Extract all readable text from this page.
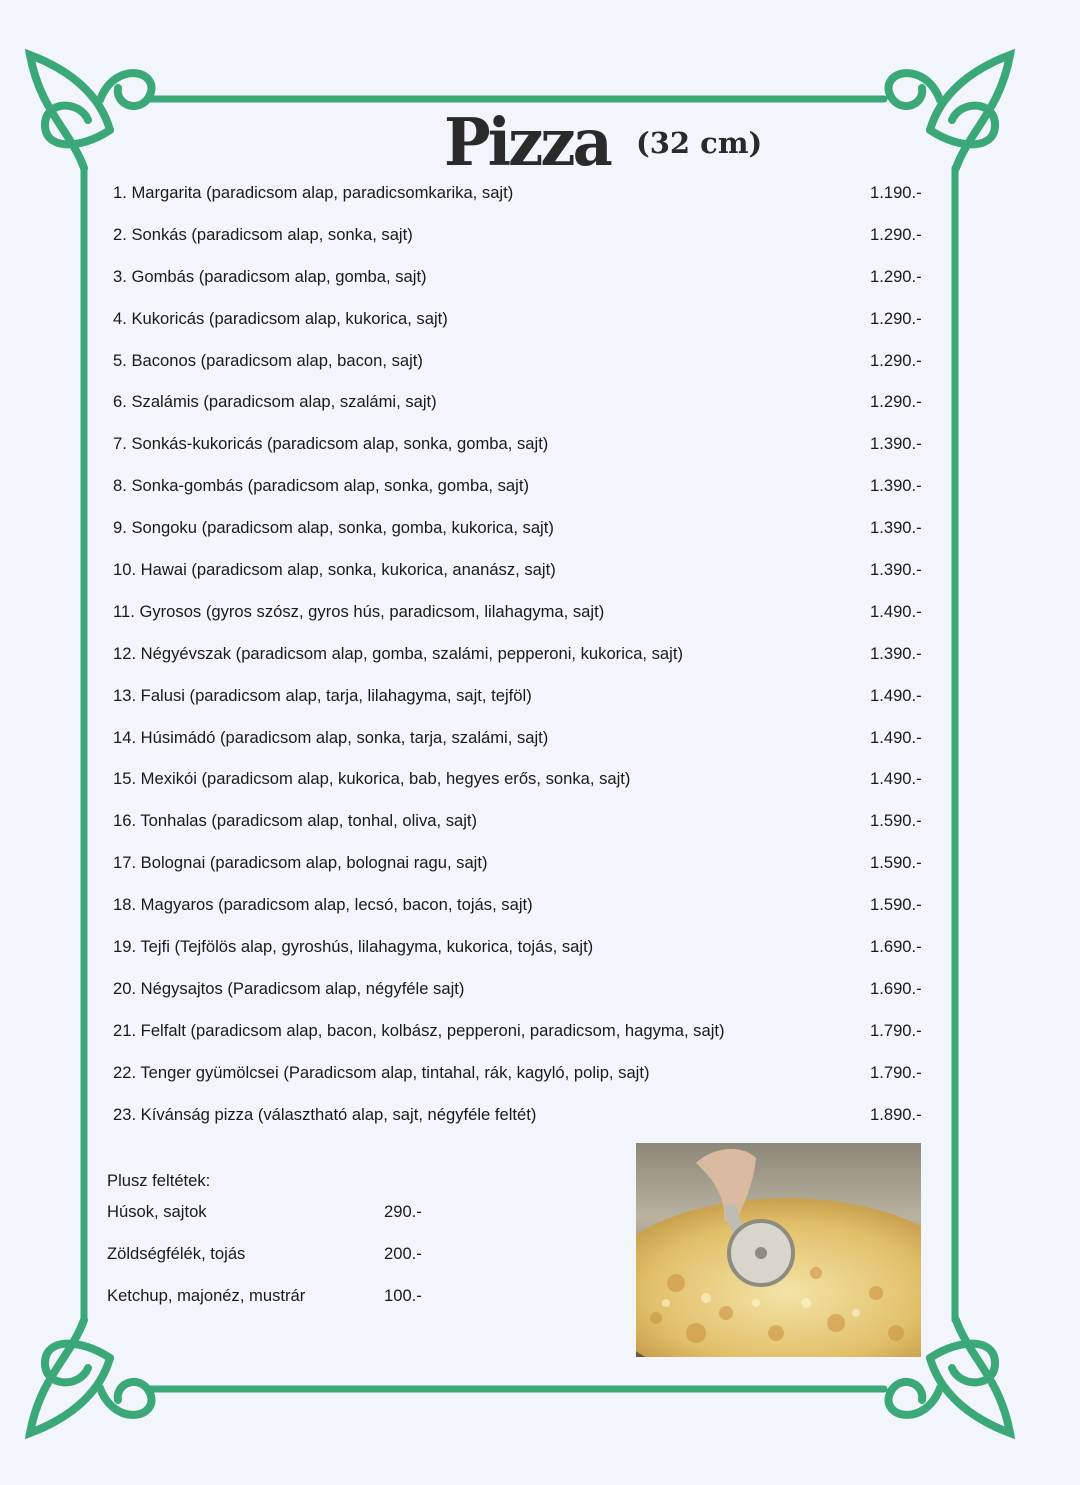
Pizza (32 cm)
1. Margarita (paradicsom alap, paradicsomkarika, sajt)	1.190.-
2. Sonkás (paradicsom alap, sonka, sajt)	1.290.-
3. Gombás (paradicsom alap, gomba, sajt)	1.290.-
4. Kukoricás (paradicsom alap, kukorica, sajt)	1.290.-
5. Baconos (paradicsom alap, bacon, sajt)	1.290.-
6. Szalámis (paradicsom alap, szalámi, sajt)	1.290.-
7. Sonkás-kukoricás (paradicsom alap, sonka, gomba, sajt)	1.390.-
8. Sonka-gombás (paradicsom alap, sonka, gomba, sajt)	1.390.-
9. Songoku (paradicsom alap, sonka, gomba, kukorica, sajt)	1.390.-
10. Hawai (paradicsom alap, sonka, kukorica, ananász, sajt)	1.390.-
11. Gyrosos (gyros szósz, gyros hús, paradicsom, lilahagyma, sajt)	1.490.-
12. Négyévszak (paradicsom alap, gomba, szalámi, pepperoni, kukorica, sajt)	1.390.-
13. Falusi (paradicsom alap, tarja, lilahagyma, sajt, tejföl)	1.490.-
14. Húsimádó (paradicsom alap, sonka, tarja, szalámi, sajt)	1.490.-
15. Mexikói (paradicsom alap, kukorica, bab, hegyes erős, sonka, sajt)	1.490.-
16. Tonhalas (paradicsom alap, tonhal, oliva, sajt)	1.590.-
17. Bolognai (paradicsom alap, bolognai ragu, sajt)	1.590.-
18. Magyaros (paradicsom alap, lecsó, bacon, tojás, sajt)	1.590.-
19. Tejfi (Tejfölös alap, gyroshús, lilahagyma, kukorica, tojás, sajt)	1.690.-
20. Négysajtos (Paradicsom alap, négyféle sajt)	1.690.-
21. Felfalt (paradicsom alap, bacon, kolbász, pepperoni, paradicsom, hagyma, sajt)	1.790.-
22. Tenger gyümölcsei (Paradicsom alap, tintahal, rák, kagyló, polip, sajt)	1.790.-
23. Kívánság pizza (választható alap, sajt, négyféle feltét)	1.890.-
Plusz feltétek:
Húsok, sajtok	290.-
Zöldségfélék, tojás	200.-
Ketchup, majonéz, mustrár	100.-
